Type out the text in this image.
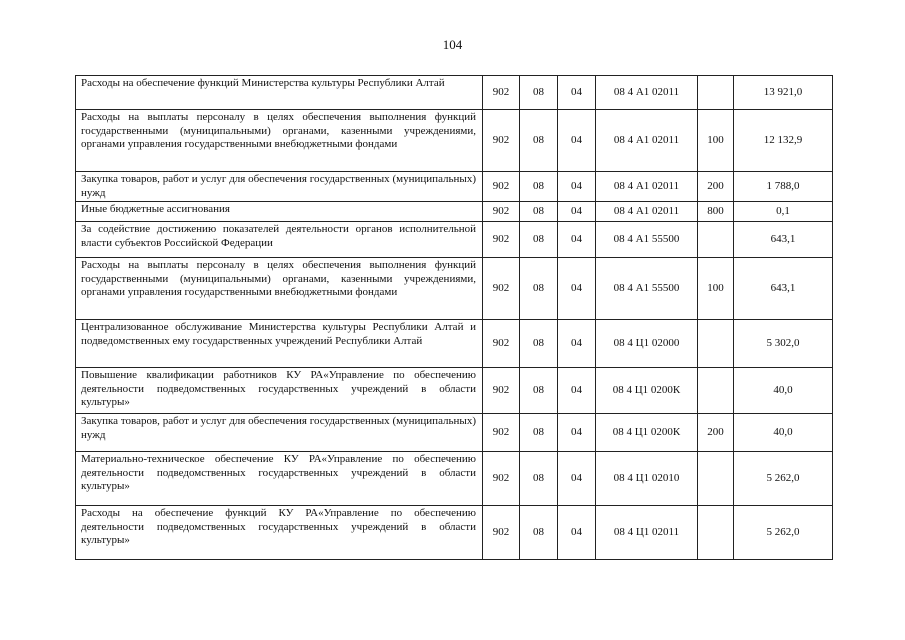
104
Расходы на обеспечение функций Министерства культуры Республики Алтай	902	08	04	08 4 А1 02011		13 921,0
Расходы на выплаты персоналу в целях обеспечения выполнения функций государственными (муниципальными) органами, казенными учреждениями, органами управления государственными внебюджетными фондами	902	08	04	08 4 А1 02011	100	12 132,9
Закупка товаров, работ и услуг для обеспечения государственных (муниципальных) нужд	902	08	04	08 4 А1 02011	200	1 788,0
Иные бюджетные ассигнования	902	08	04	08 4 А1 02011	800	0,1
За содействие достижению показателей деятельности органов исполнительной власти субъектов Российской Федерации	902	08	04	08 4 А1 55500		643,1
Расходы на выплаты персоналу в целях обеспечения выполнения функций государственными (муниципальными) органами, казенными учреждениями, органами управления государственными внебюджетными фондами	902	08	04	08 4 А1 55500	100	643,1
Централизованное обслуживание Министерства культуры Республики Алтай и подведомственных ему государственных учреждений Республики Алтай	902	08	04	08 4 Ц1 02000		5 302,0
Повышение квалификации работников КУ РА«Управление по обеспечению деятельности подведомственных государственных учреждений в области культуры»	902	08	04	08 4 Ц1 0200К		40,0
Закупка товаров, работ и услуг для обеспечения государственных (муниципальных) нужд	902	08	04	08 4 Ц1 0200К	200	40,0
Материально-техническое обеспечение КУ РА«Управление по обеспечению деятельности подведомственных государственных учреждений в области культуры»	902	08	04	08 4 Ц1 02010		5 262,0
Расходы на обеспечение функций КУ РА«Управление по обеспечению деятельности подведомственных государственных учреждений в области культуры»	902	08	04	08 4 Ц1 02011		5 262,0
